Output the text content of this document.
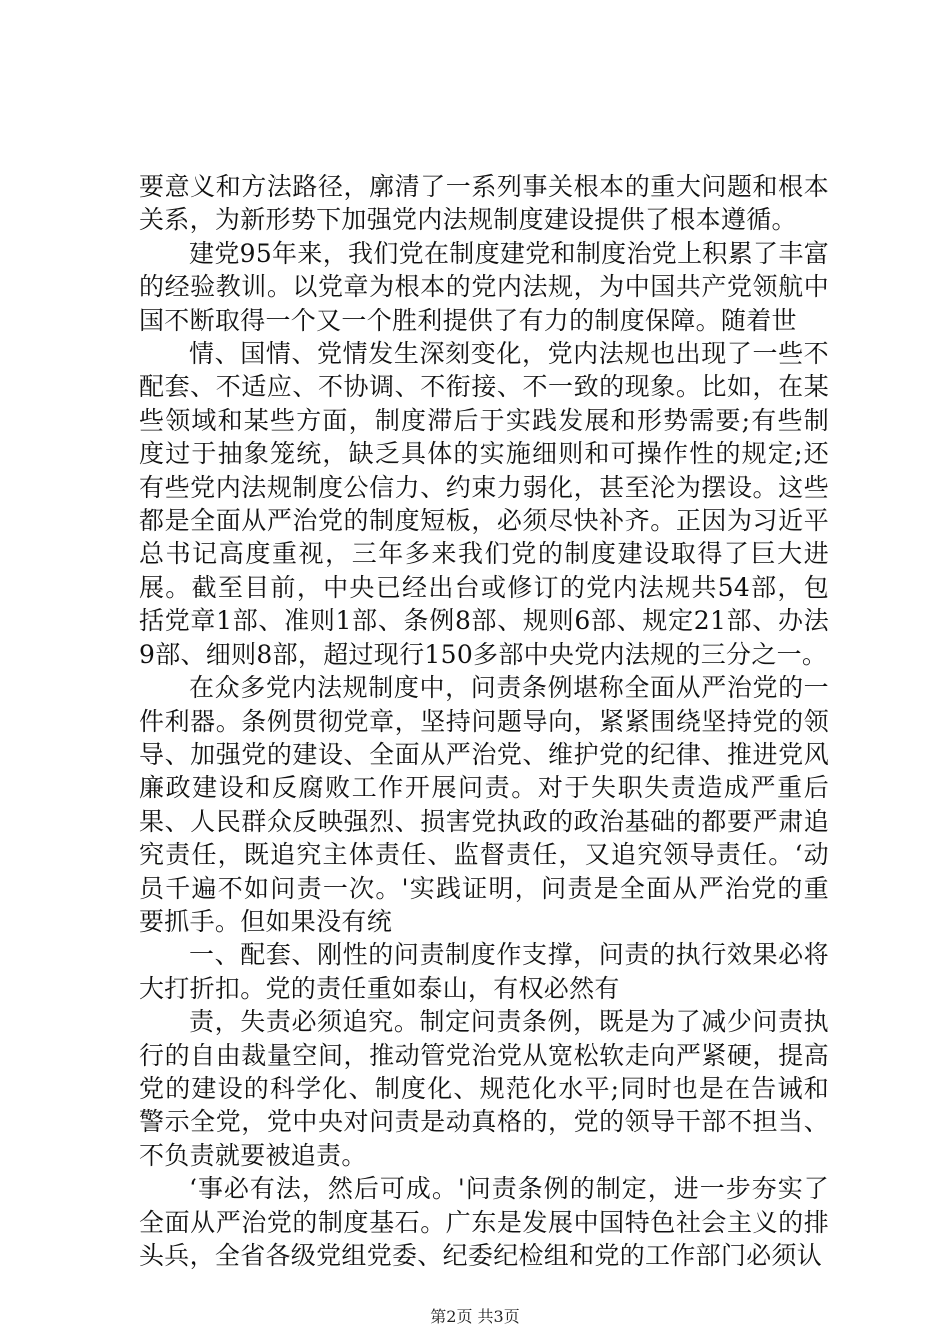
要意义和方法路径，廓清了一系列事关根本的重大问题和根本关系，为新形势下加强党内法规制度建设提供了根本遵循。

建党95年来，我们党在制度建党和制度治党上积累了丰富的经验教训。以党章为根本的党内法规，为中国共产党领航中国不断取得一个又一个胜利提供了有力的制度保障。随着世

情、国情、党情发生深刻变化，党内法规也出现了一些不配套、不适应、不协调、不衔接、不一致的现象。比如，在某些领域和某些方面，制度滞后于实践发展和形势需要;有些制度过于抽象笼统，缺乏具体的实施细则和可操作性的规定;还有些党内法规制度公信力、约束力弱化，甚至沦为摆设。这些都是全面从严治党的制度短板，必须尽快补齐。正因为习近平总书记高度重视，三年多来我们党的制度建设取得了巨大进展。截至目前，中央已经出台或修订的党内法规共54部，包括党章1部、准则1部、条例8部、规则6部、规定21部、办法9部、细则8部，超过现行150多部中央党内法规的三分之一。

在众多党内法规制度中，问责条例堪称全面从严治党的一件利器。条例贯彻党章，坚持问题导向，紧紧围绕坚持党的领导、加强党的建设、全面从严治党、维护党的纪律、推进党风廉政建设和反腐败工作开展问责。对于失职失责造成严重后果、人民群众反映强烈、损害党执政的政治基础的都要严肃追究责任，既追究主体责任、监督责任，又追究领导责任。‘动员千遍不如问责一次。'实践证明，问责是全面从严治党的重要抓手。但如果没有统

一、配套、刚性的问责制度作支撑，问责的执行效果必将大打折扣。党的责任重如泰山，有权必然有

责，失责必须追究。制定问责条例，既是为了减少问责执行的自由裁量空间，推动管党治党从宽松软走向严紧硬，提高党的建设的科学化、制度化、规范化水平;同时也是在告诫和警示全党，党中央对问责是动真格的，党的领导干部不担当、不负责就要被追责。

‘事必有法，然后可成。'问责条例的制定，进一步夯实了全面从严治党的制度基石。广东是发展中国特色社会主义的排头兵，全省各级党组党委、纪委纪检组和党的工作部门必须认

第2页 共3页
